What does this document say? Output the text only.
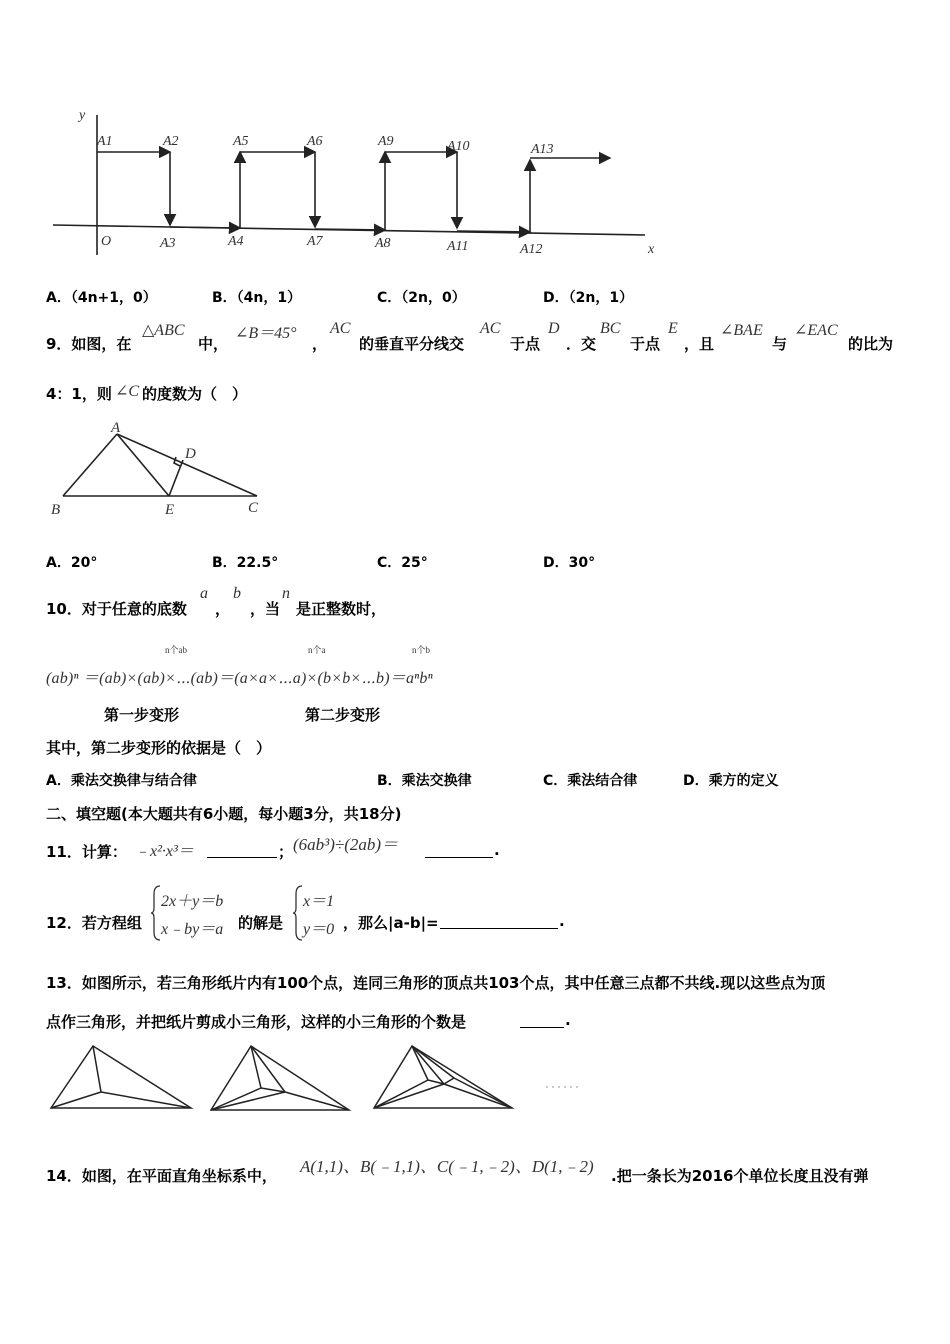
y
A1	A2	A5	A6	A9	A10	A13
O	A3	A4	A7	A8	A11	A12	x
A．（4n+1，0）	B．（4n，1）	C．（2n，0）	D．（2n，1）
9．如图，在
△ABC
中，
∠B＝45°
，
AC
的垂直平分线交
AC
于点
D
．交
BC
于点
E
，且
∠BAE
与
∠EAC
的比为
4：1，则 ∠C 的度数为（　）
A
D
B	E	C
A．20°	B．22.5°	C．25°	D．30°
10．对于任意的底数
a
，
b
，当
n
是正整数时，
n个ab	n个a	n个b
(ab)ⁿ ＝(ab)×(ab)×⋯(ab)＝(a×a×⋯a)×(b×b×⋯b)＝aⁿbⁿ
第一步变形	第二步变形
其中，第二步变形的依据是（　）
A．乘法交换律与结合律	B．乘法交换律	C．乘法结合律	D．乘方的定义
二、填空题(本大题共有6小题，每小题3分，共18分)
11．计算： ﹣x²·x³＝	； (6ab³)÷(2ab)＝	.
12．若方程组
2x＋y＝b
x﹣by＝a 的解是
x＝1
y＝0 ，那么|a-b|=	.
13．如图所示，若三角形纸片内有100个点，连同三角形的顶点共103个点，其中任意三点都不共线.现以这些点为顶
点作三角形，并把纸片剪成小三角形，这样的小三角形的个数是	.
14．如图，在平面直角坐标系中， A(1,1)、B(﹣1,1)、C(﹣1,﹣2)、D(1,﹣2) .把一条长为2016个单位长度且没有弹
